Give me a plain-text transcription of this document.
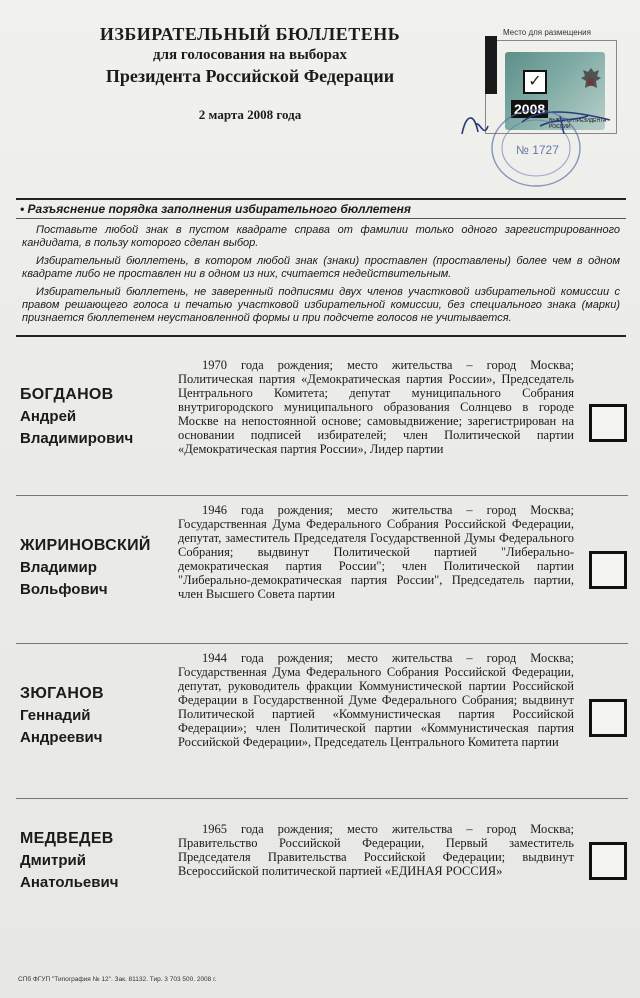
ИЗБИРАТЕЛЬНЫЙ БЮЛЛЕТЕНЬ
для голосования на выборах
Президента Российской Федерации
2 марта 2008 года
Место для размещения
✓
2008
ВЫБОРЫ ПРЕЗИДЕНТА РОССИИ
№ 1727
• Разъяснение порядка заполнения избирательного бюллетеня

Поставьте любой знак в пустом квадрате справа от фамилии только одного зарегистрированного кандидата, в пользу которого сделан выбор.

Избирательный бюллетень, в котором любой знак (знаки) проставлен (проставлены) более чем в одном квадрате либо не проставлен ни в одном из них, считается недействительным.

Избирательный бюллетень, не заверенный подписями двух членов участковой избирательной комиссии с правом решающего голоса и печатью участковой избирательной комиссии, без специального знака (марки) признается бюллетенем неустановленной формы и при подсчете голосов не учитывается.

БОГДАНОВ
Андрей
Владимирович
1970 года рождения; место жительства – город Москва; Политическая партия «Демократическая партия России», Председатель Центрального Комитета; депутат муниципального Собрания внутригородского муниципального образования Солнцево в городе Москве на непостоянной основе; самовыдвижение; зарегистрирован на основании подписей избирателей; член Политической партии «Демократическая партия России», Лидер партии
ЖИРИНОВСКИЙ
Владимир
Вольфович
1946 года рождения; место жительства – город Москва; Государственная Дума Федерального Собрания Российской Федерации, депутат, заместитель Председателя Государственной Думы Федерального Собрания; выдвинут Политической партией "Либерально-демократическая партия России"; член Политической партии "Либерально-демократическая партия России", Председатель партии, член Высшего Совета партии
ЗЮГАНОВ
Геннадий
Андреевич
1944 года рождения; место жительства – город Москва; Государственная Дума Федерального Собрания Российской Федерации, депутат, руководитель фракции Коммунистической партии Российской Федерации в Государственной Думе Федерального Собрания; выдвинут Политической партией «Коммунистическая партия Российской Федерации»; член Политической партии «Коммунистическая партия Российской Федерации», Председатель Центрального Комитета партии
МЕДВЕДЕВ
Дмитрий
Анатольевич
1965 года рождения; место жительства – город Москва; Правительство Российской Федерации, Первый заместитель Председателя Правительства Российской Федерации; выдвинут Всероссийской политической партией «ЕДИНАЯ РОССИЯ»
СПб ФГУП "Типография № 12". Зак. 81132. Тир. 3 703 500. 2008 г.
